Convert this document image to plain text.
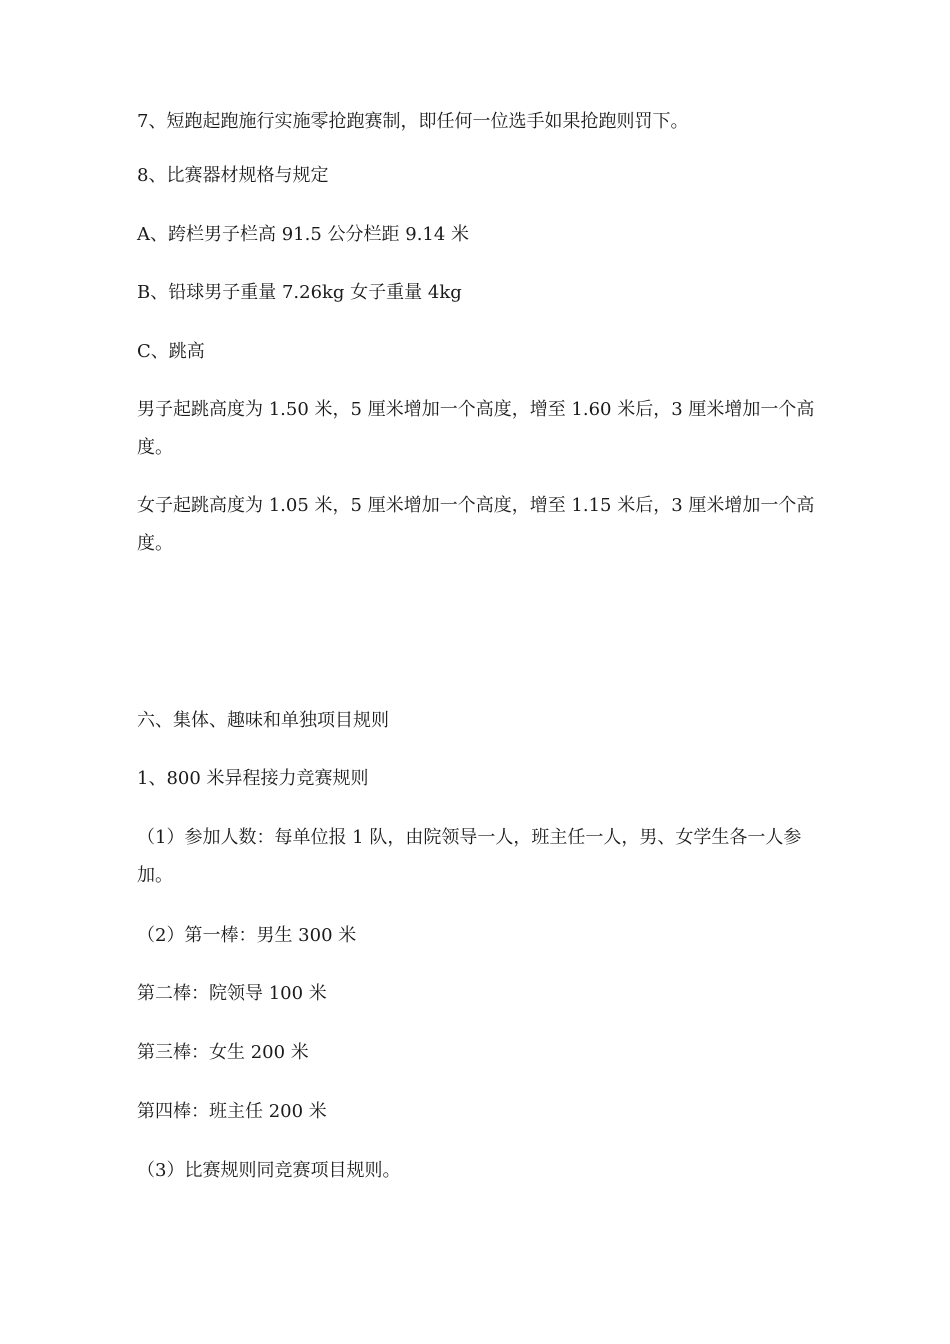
7、短跑起跑施行实施零抢跑赛制，即任何一位选手如果抢跑则罚下。

8、比赛器材规格与规定

A、跨栏男子栏高 91.5 公分栏距 9.14 米

B、铅球男子重量 7.26kg 女子重量 4kg

C、跳高

男子起跳高度为 1.50 米，5 厘米增加一个高度，增至 1.60 米后，3 厘米增加一个高度。

女子起跳高度为 1.05 米，5 厘米增加一个高度，增至 1.15 米后，3 厘米增加一个高度。

六、集体、趣味和单独项目规则

1、800 米异程接力竞赛规则

（1）参加人数：每单位报 1 队，由院领导一人，班主任一人，男、女学生各一人参加。

（2）第一棒：男生 300 米

第二棒：院领导 100 米

第三棒：女生 200 米

第四棒：班主任 200 米

（3）比赛规则同竞赛项目规则。
